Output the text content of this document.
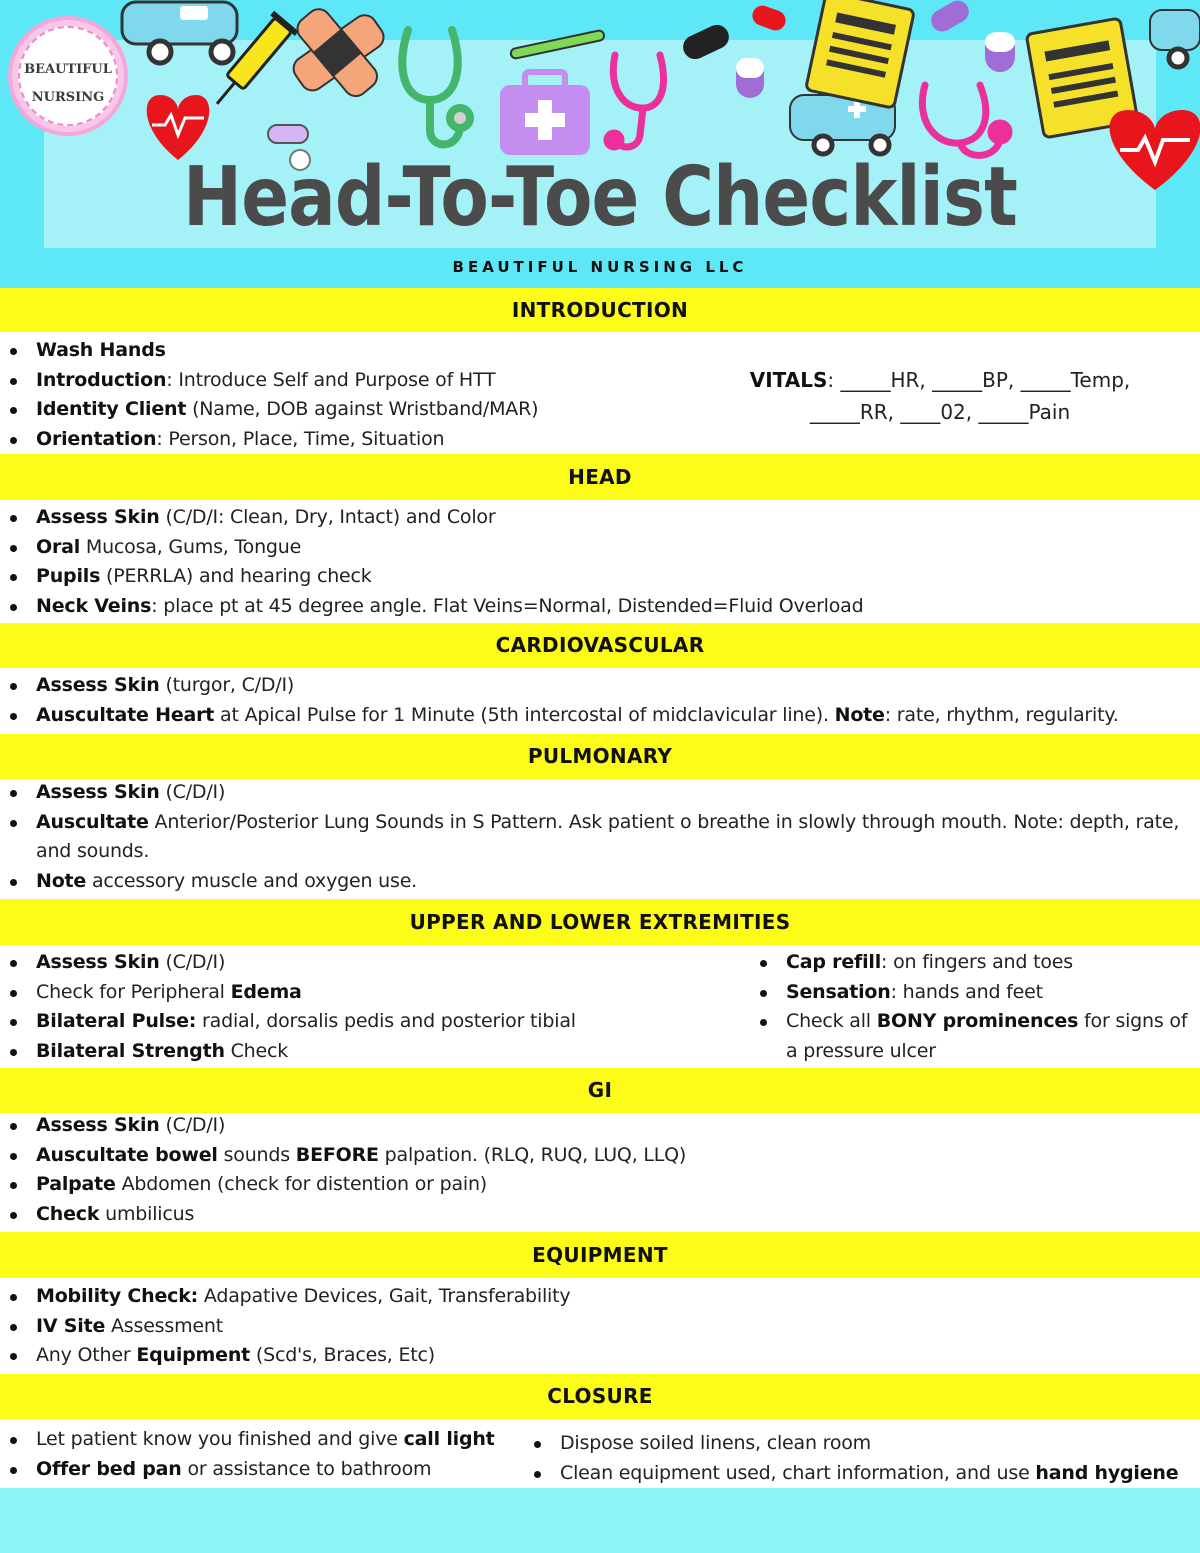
BEAUTIFUL
NURSING
Head-To-Toe Checklist
BEAUTIFUL NURSING LLC
INTRODUCTION
Wash Hands
Introduction: Introduce Self and Purpose of HTT
Identity Client (Name, DOB against Wristband/MAR)
Orientation: Person, Place, Time, Situation
VITALS: _____HR, _____BP, _____Temp,
_____RR, ____02, _____Pain
HEAD
Assess Skin (C/D/I: Clean, Dry, Intact) and Color
Oral Mucosa, Gums, Tongue
Pupils (PERRLA) and hearing check
Neck Veins: place pt at 45 degree angle. Flat Veins=Normal, Distended=Fluid Overload
CARDIOVASCULAR
Assess Skin (turgor, C/D/I)
Auscultate Heart at Apical Pulse for 1 Minute (5th intercostal of midclavicular line). Note: rate, rhythm, regularity.
PULMONARY
Assess Skin (C/D/I)
Auscultate Anterior/Posterior Lung Sounds in S Pattern. Ask patient o breathe in slowly through mouth. Note: depth, rate, and sounds.
Note accessory muscle and oxygen use.
UPPER AND LOWER EXTREMITIES
Assess Skin (C/D/I)
Check for Peripheral Edema
Bilateral Pulse: radial, dorsalis pedis and posterior tibial
Bilateral Strength Check
Cap refill: on fingers and toes
Sensation: hands and feet
Check all BONY prominences for signs of a pressure ulcer
GI
Assess Skin (C/D/I)
Auscultate bowel sounds BEFORE palpation. (RLQ, RUQ, LUQ, LLQ)
Palpate Abdomen (check for distention or pain)
Check umbilicus
EQUIPMENT
Mobility Check: Adapative Devices, Gait, Transferability
IV Site Assessment
Any Other Equipment (Scd's, Braces, Etc)
CLOSURE
Let patient know you finished and give call light
Offer bed pan or assistance to bathroom
Dispose soiled linens, clean room
Clean equipment used, chart information, and use hand hygiene
